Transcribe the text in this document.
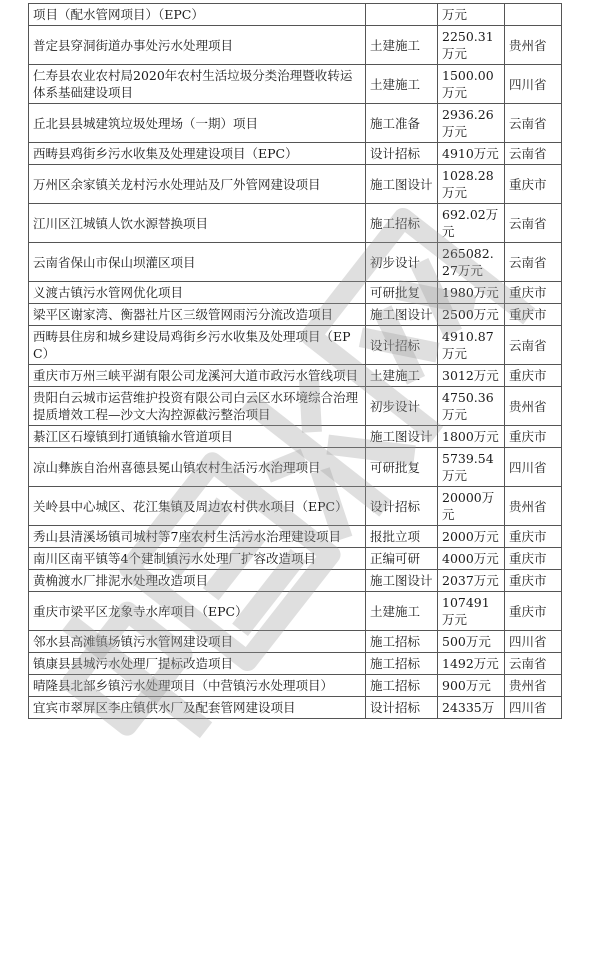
项目（配水管网项目）（EPC）		万元	
普定县穿洞街道办事处污水处理项目	土建施工	2250.31万元	贵州省
仁寿县农业农村局2020年农村生活垃圾分类治理暨收转运体系基础建设项目	土建施工	1500.00万元	四川省
丘北县县城建筑垃圾处理场（一期）项目	施工准备	2936.26万元	云南省
西畴县鸡街乡污水收集及处理建设项目（EPC）	设计招标	4910万元	云南省
万州区余家镇关龙村污水处理站及厂外管网建设项目	施工图设计	1028.28万元	重庆市
江川区江城镇人饮水源替换项目	施工招标	692.02万元	云南省
云南省保山市保山坝灌区项目	初步设计	265082.27万元	云南省
义渡古镇污水管网优化项目	可研批复	1980万元	重庆市
梁平区谢家湾、衡器社片区三级管网雨污分流改造项目	施工图设计	2500万元	重庆市
西畴县住房和城乡建设局鸡街乡污水收集及处理项目（EPC）	设计招标	4910.87万元	云南省
重庆市万州三峡平湖有限公司龙溪河大道市政污水管线项目	土建施工	3012万元	重庆市
贵阳白云城市运营维护投资有限公司白云区水环境综合治理提质增效工程—沙文大沟控源截污整治项目	初步设计	4750.36万元	贵州省
綦江区石壕镇到打通镇输水管道项目	施工图设计	1800万元	重庆市
凉山彝族自治州喜德县冕山镇农村生活污水治理项目	可研批复	5739.54万元	四川省
关岭县中心城区、花江集镇及周边农村供水项目（EPC）	设计招标	20000万元	贵州省
秀山县清溪场镇司城村等7座农村生活污水治理建设项目	报批立项	2000万元	重庆市
南川区南平镇等4个建制镇污水处理厂扩容改造项目	正编可研	4000万元	重庆市
黄桷渡水厂排泥水处理改造项目	施工图设计	2037万元	重庆市
重庆市梁平区龙象寺水库项目（EPC）	土建施工	107491万元	重庆市
邻水县高滩镇场镇污水管网建设项目	施工招标	500万元	四川省
镇康县县城污水处理厂提标改造项目	施工招标	1492万元	云南省
晴隆县北部乡镇污水处理项目（中营镇污水处理项目）	施工招标	900万元	贵州省
宜宾市翠屏区李庄镇供水厂及配套管网建设项目	设计招标	24335万	四川省
